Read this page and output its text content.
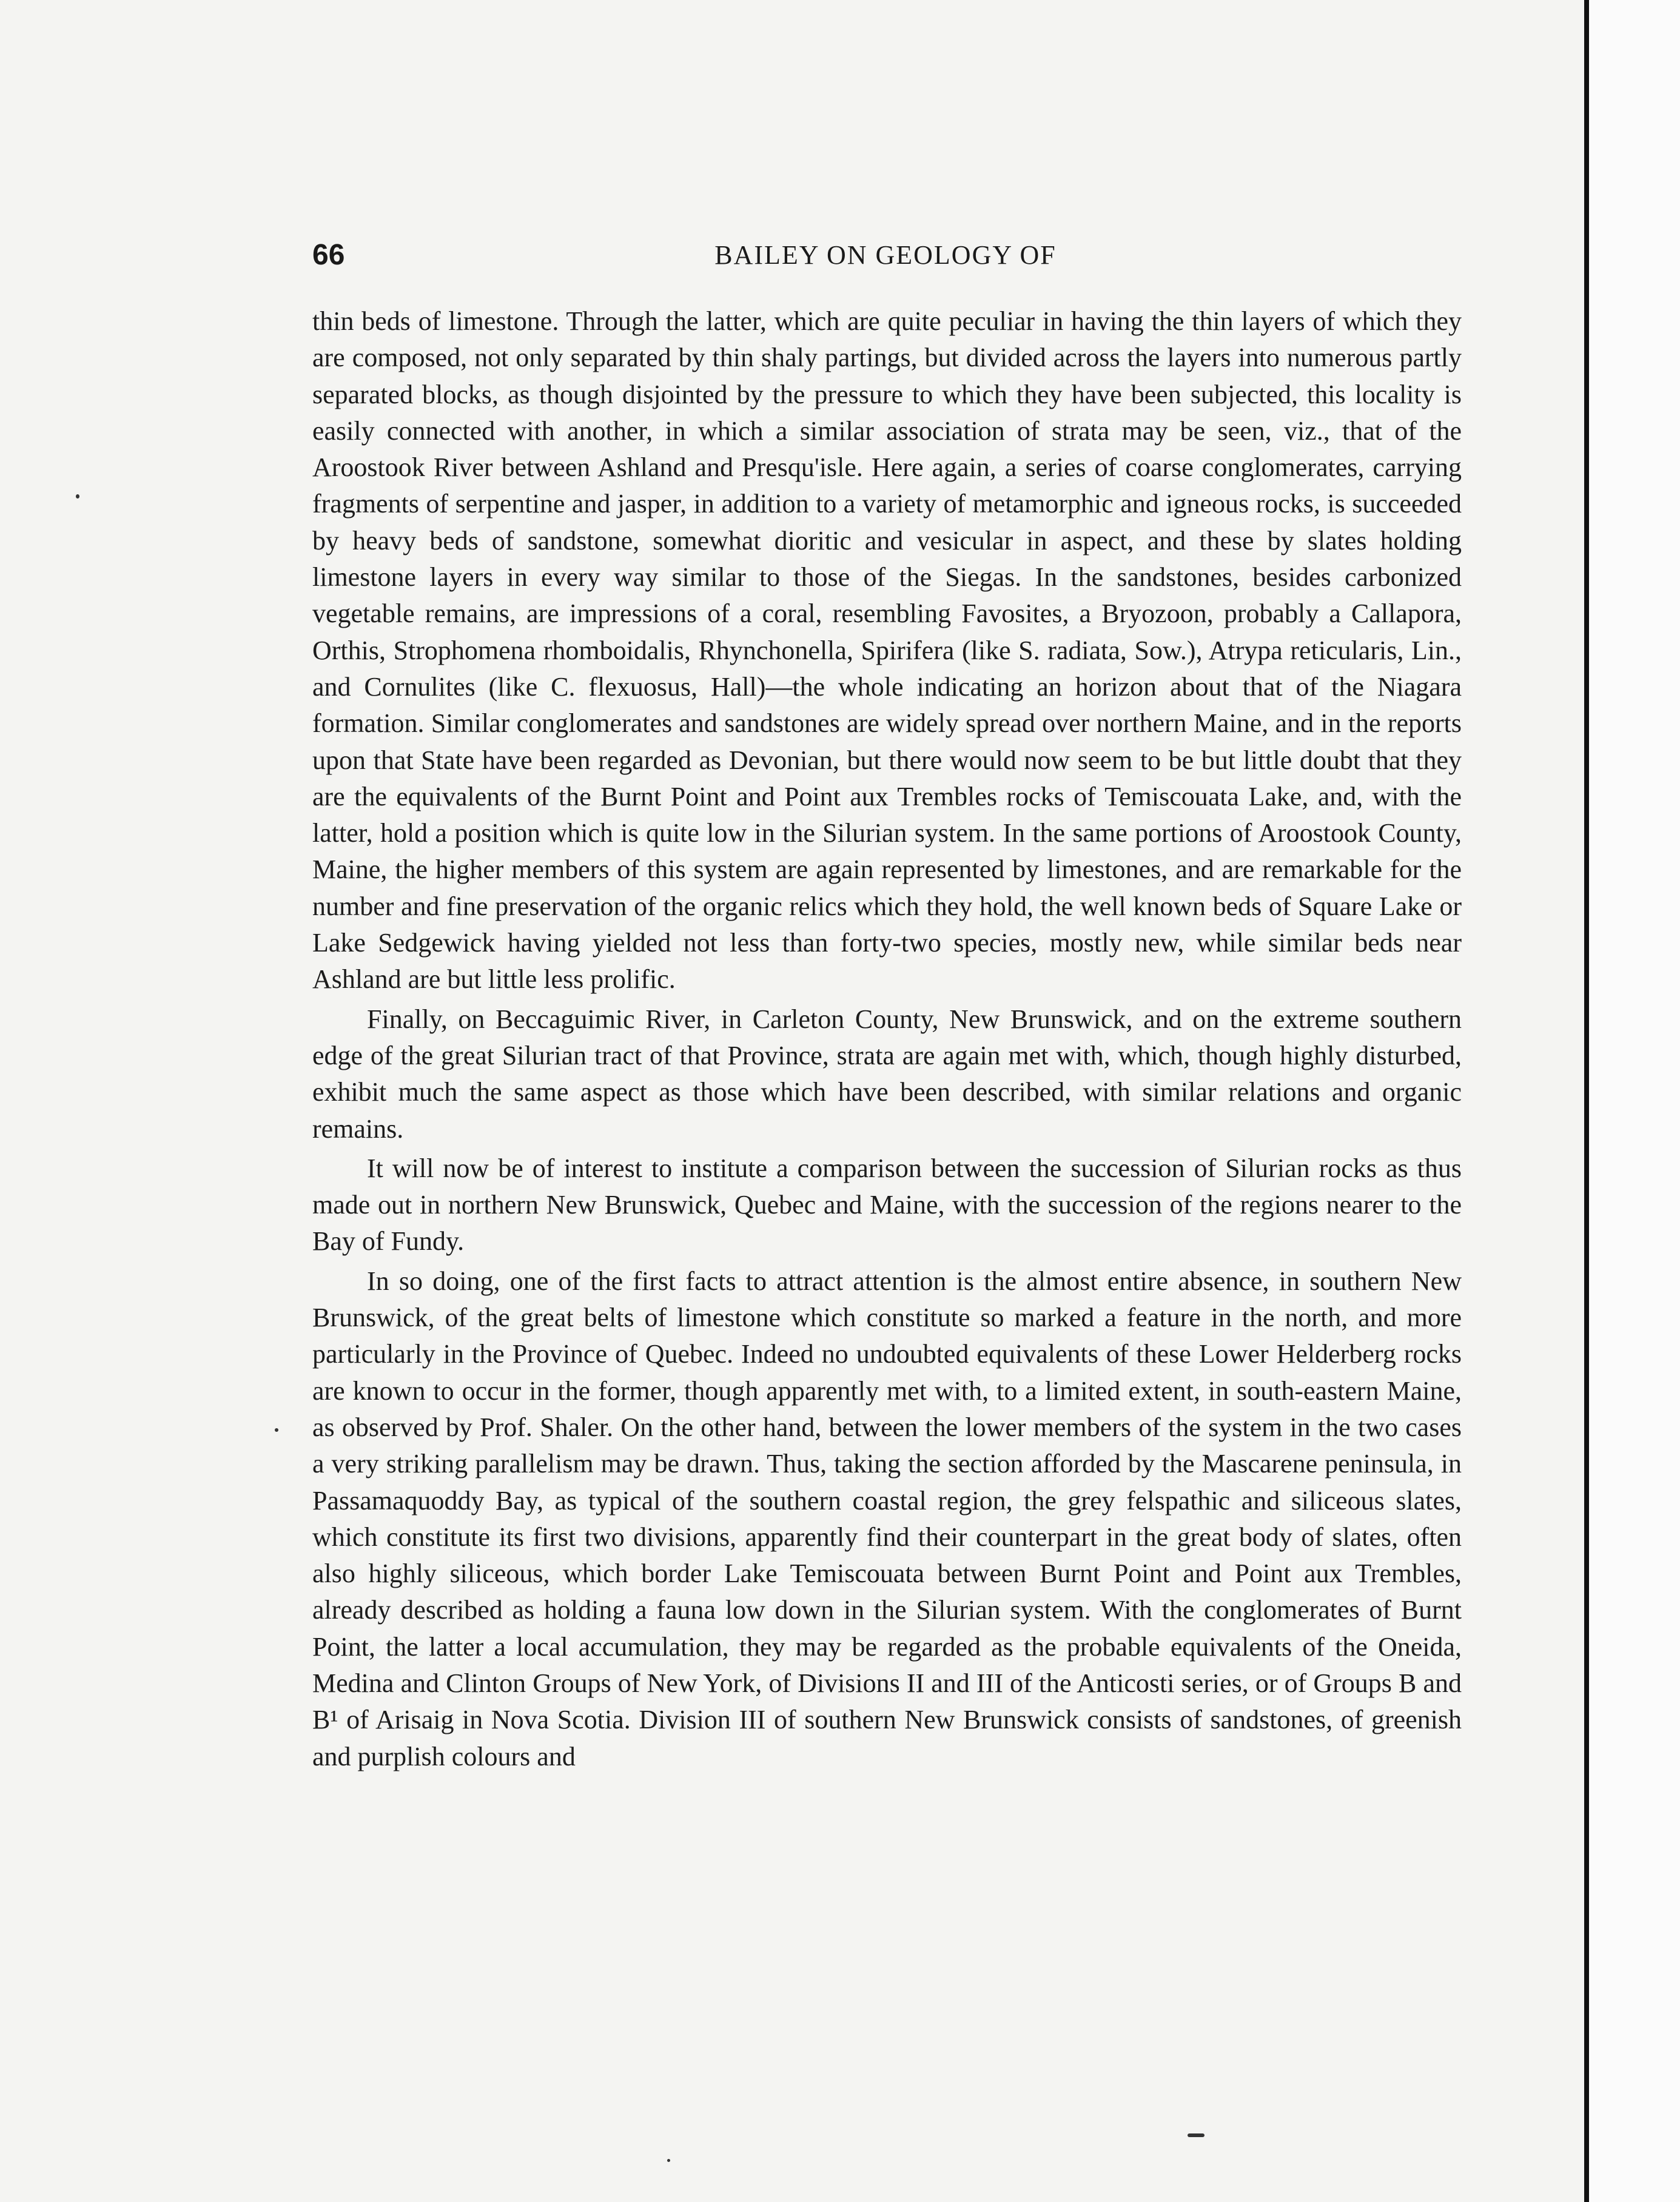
66	BAILEY ON GEOLOGY OF

thin beds of limestone. Through the latter, which are quite peculiar in having the thin layers of which they are composed, not only separated by thin shaly partings, but divided across the layers into numerous partly separated blocks, as though disjointed by the pressure to which they have been subjected, this locality is easily connected with another, in which a similar association of strata may be seen, viz., that of the Aroostook River between Ashland and Presqu'isle. Here again, a series of coarse conglomerates, carrying fragments of serpentine and jasper, in addition to a variety of metamorphic and igneous rocks, is succeeded by heavy beds of sandstone, somewhat dioritic and vesicular in aspect, and these by slates holding limestone layers in every way similar to those of the Siegas. In the sandstones, besides carbonized vegetable remains, are impressions of a coral, resembling Favosites, a Bryozoon, probably a Callapora, Orthis, Strophomena rhomboidalis, Rhynchonella, Spirifera (like S. radiata, Sow.), Atrypa reticularis, Lin., and Cornulites (like C. flexuosus, Hall)—the whole indicating an horizon about that of the Niagara formation. Similar conglomerates and sandstones are widely spread over northern Maine, and in the reports upon that State have been regarded as Devonian, but there would now seem to be but little doubt that they are the equivalents of the Burnt Point and Point aux Trembles rocks of Temiscouata Lake, and, with the latter, hold a position which is quite low in the Silurian system. In the same portions of Aroostook County, Maine, the higher members of this system are again represented by limestones, and are remarkable for the number and fine preservation of the organic relics which they hold, the well known beds of Square Lake or Lake Sedgewick having yielded not less than forty-two species, mostly new, while similar beds near Ashland are but little less prolific.

Finally, on Beccaguimic River, in Carleton County, New Brunswick, and on the extreme southern edge of the great Silurian tract of that Province, strata are again met with, which, though highly disturbed, exhibit much the same aspect as those which have been described, with similar relations and organic remains.

It will now be of interest to institute a comparison between the succession of Silurian rocks as thus made out in northern New Brunswick, Quebec and Maine, with the succession of the regions nearer to the Bay of Fundy.

In so doing, one of the first facts to attract attention is the almost entire absence, in southern New Brunswick, of the great belts of limestone which constitute so marked a feature in the north, and more particularly in the Province of Quebec. Indeed no undoubted equivalents of these Lower Helderberg rocks are known to occur in the former, though apparently met with, to a limited extent, in south-eastern Maine, as observed by Prof. Shaler. On the other hand, between the lower members of the system in the two cases a very striking parallelism may be drawn. Thus, taking the section afforded by the Mascarene peninsula, in Passamaquoddy Bay, as typical of the southern coastal region, the grey felspathic and siliceous slates, which constitute its first two divisions, apparently find their counterpart in the great body of slates, often also highly siliceous, which border Lake Temiscouata between Burnt Point and Point aux Trembles, already described as holding a fauna low down in the Silurian system. With the conglomerates of Burnt Point, the latter a local accumulation, they may be regarded as the probable equivalents of the Oneida, Medina and Clinton Groups of New York, of Divisions II and III of the Anticosti series, or of Groups B and B¹ of Arisaig in Nova Scotia. Division III of southern New Brunswick consists of sandstones, of greenish and purplish colours and
